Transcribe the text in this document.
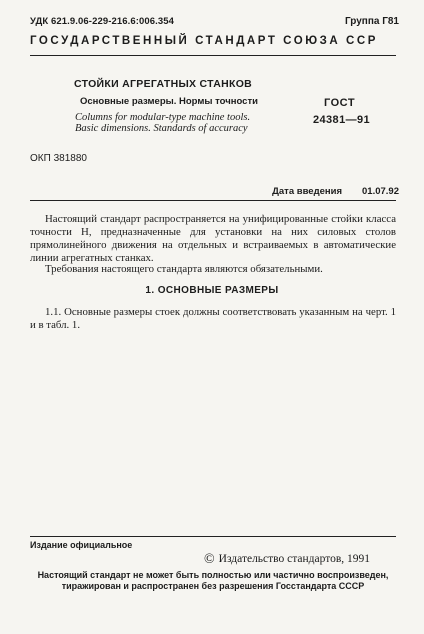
УДК 621.9.06-229-216.6:006.354	Группа Г81
ГОСУДАРСТВЕННЫЙ СТАНДАРТ СОЮЗА ССР
СТОЙКИ АГРЕГАТНЫХ СТАНКОВ
Основные размеры. Нормы точности
Columns for modular-type machine tools.
Basic dimensions. Standards of accuracy
ГОСТ
24381—91
ОКП 381880
Дата введения 01.07.92
Настоящий стандарт распространяется на унифицированные стойки класса точности Н, предназначенные для установки на них силовых столов прямолинейного движения на отдельных и встраиваемых в автоматические линии агрегатных станках.
Требования настоящего стандарта являются обязательными.
1. ОСНОВНЫЕ РАЗМЕРЫ
1.1. Основные размеры стоек должны соответствовать указанным на черт. 1 и в табл. 1.
Издание официальное
© Издательство стандартов, 1991
Настоящий стандарт не может быть полностью или частично воспроизведен,
тиражирован и распространен без разрешения Госстандарта СССР
